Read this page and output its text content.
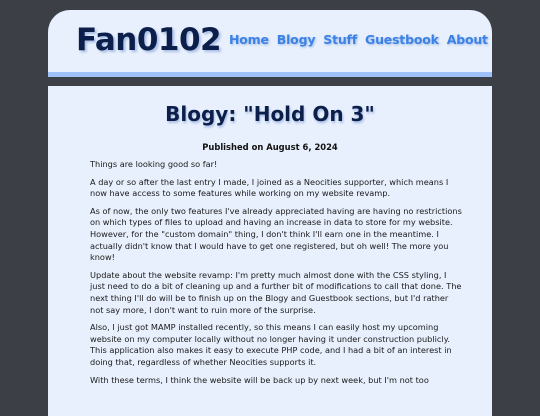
Fan0102 Home Blogy Stuff Guestbook About
Blogy: "Hold On 3"
Published on August 6, 2024

Things are looking good so far!

A day or so after the last entry I made, I joined as a Neocities supporter, which means I now have access to some features while working on my website revamp.

As of now, the only two features I've already appreciated having are having no restrictions on which types of files to upload and having an increase in data to store for my website. However, for the "custom domain" thing, I don't think I'll earn one in the meantime. I actually didn't know that I would have to get one registered, but oh well! The more you know!

Update about the website revamp: I'm pretty much almost done with the CSS styling, I just need to do a bit of cleaning up and a further bit of modifications to call that done. The next thing I'll do will be to finish up on the Blogy and Guestbook sections, but I'd rather not say more, I don't want to ruin more of the surprise.

Also, I just got MAMP installed recently, so this means I can easily host my upcoming website on my computer locally without no longer having it under construction publicly. This application also makes it easy to execute PHP code, and I had a bit of an interest in doing that, regardless of whether Neocities supports it.

With these terms, I think the website will be back up by next week, but I'm not too
